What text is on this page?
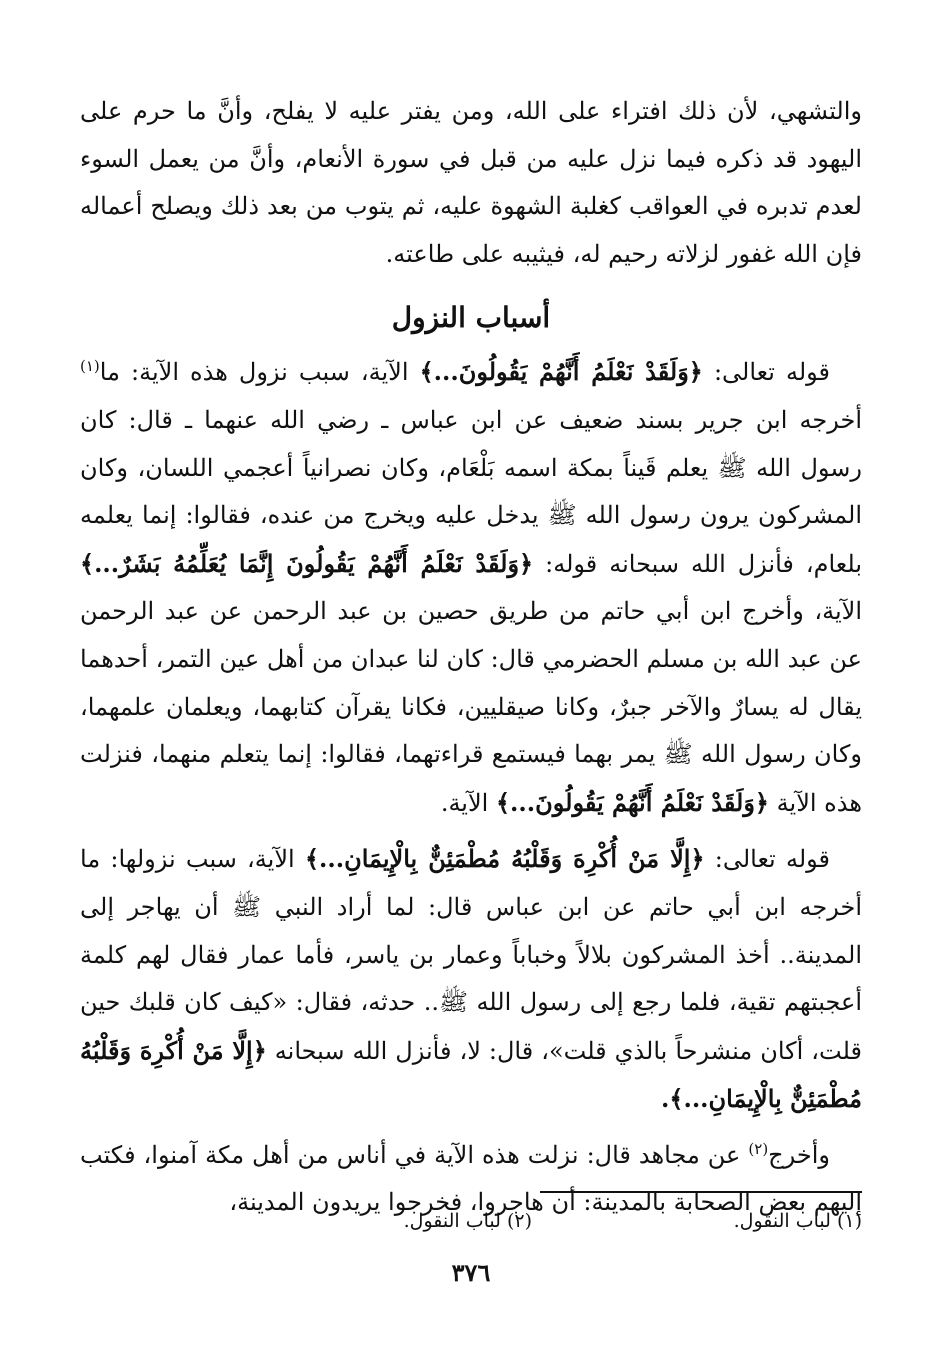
والتشهي، لأن ذلك افتراء على الله، ومن يفتر عليه لا يفلح، وأنَّ ما حرم على اليهود قد ذكره فيما نزل عليه من قبل في سورة الأنعام، وأنَّ من يعمل السوء لعدم تدبره في العواقب كغلبة الشهوة عليه، ثم يتوب من بعد ذلك ويصلح أعماله فإن الله غفور لزلاته رحيم له، فيثيبه على طاعته.

أسباب النزول

قوله تعالى: ﴿وَلَقَدْ نَعْلَمُ أَنَّهُمْ يَقُولُونَ...﴾ الآية، سبب نزول هذه الآية: ما$^{(١)}$ أخرجه ابن جرير بسند ضعيف عن ابن عباس ـ رضي الله عنهما ـ قال: كان رسول الله ﷺ يعلم قَيناً بمكة اسمه بَلْعَام، وكان نصرانياً أعجمي اللسان، وكان المشركون يرون رسول الله ﷺ يدخل عليه ويخرج من عنده، فقالوا: إنما يعلمه بلعام، فأنزل الله سبحانه قوله: ﴿وَلَقَدْ نَعْلَمُ أَنَّهُمْ يَقُولُونَ إِنَّمَا يُعَلِّمُهُ بَشَرٌ...﴾ الآية، وأخرج ابن أبي حاتم من طريق حصين بن عبد الرحمن عن عبد الرحمن عن عبد الله بن مسلم الحضرمي قال: كان لنا عبدان من أهل عين التمر، أحدهما يقال له يسارٌ والآخر جبرٌ، وكانا صيقليين، فكانا يقرآن كتابهما، ويعلمان علمهما، وكان رسول الله ﷺ يمر بهما فيستمع قراءتهما، فقالوا: إنما يتعلم منهما، فنزلت هذه الآية ﴿وَلَقَدْ نَعْلَمُ أَنَّهُمْ يَقُولُونَ...﴾ الآية.

قوله تعالى: ﴿إِلَّا مَنْ أُكْرِهَ وَقَلْبُهُ مُطْمَئِنٌّ بِالْإِيمَانِ...﴾ الآية، سبب نزولها: ما أخرجه ابن أبي حاتم عن ابن عباس قال: لما أراد النبي ﷺ أن يهاجر إلى المدينة.. أخذ المشركون بلالاً وخباباً وعمار بن ياسر، فأما عمار فقال لهم كلمة أعجبتهم تقية، فلما رجع إلى رسول الله ﷺ.. حدثه، فقال: «كيف كان قلبك حين قلت، أكان منشرحاً بالذي قلت»، قال: لا، فأنزل الله سبحانه ﴿إِلَّا مَنْ أُكْرِهَ وَقَلْبُهُ مُطْمَئِنٌّ بِالْإِيمَانِ...﴾.

وأخرج$^{(٢)}$ عن مجاهد قال: نزلت هذه الآية في أناس من أهل مكة آمنوا، فكتب إليهم بعض الصحابة بالمدينة: أن هاجروا، فخرجوا يريدون المدينة،

(١) لباب النقول.
(٢) لباب النقول.
٣٧٦
